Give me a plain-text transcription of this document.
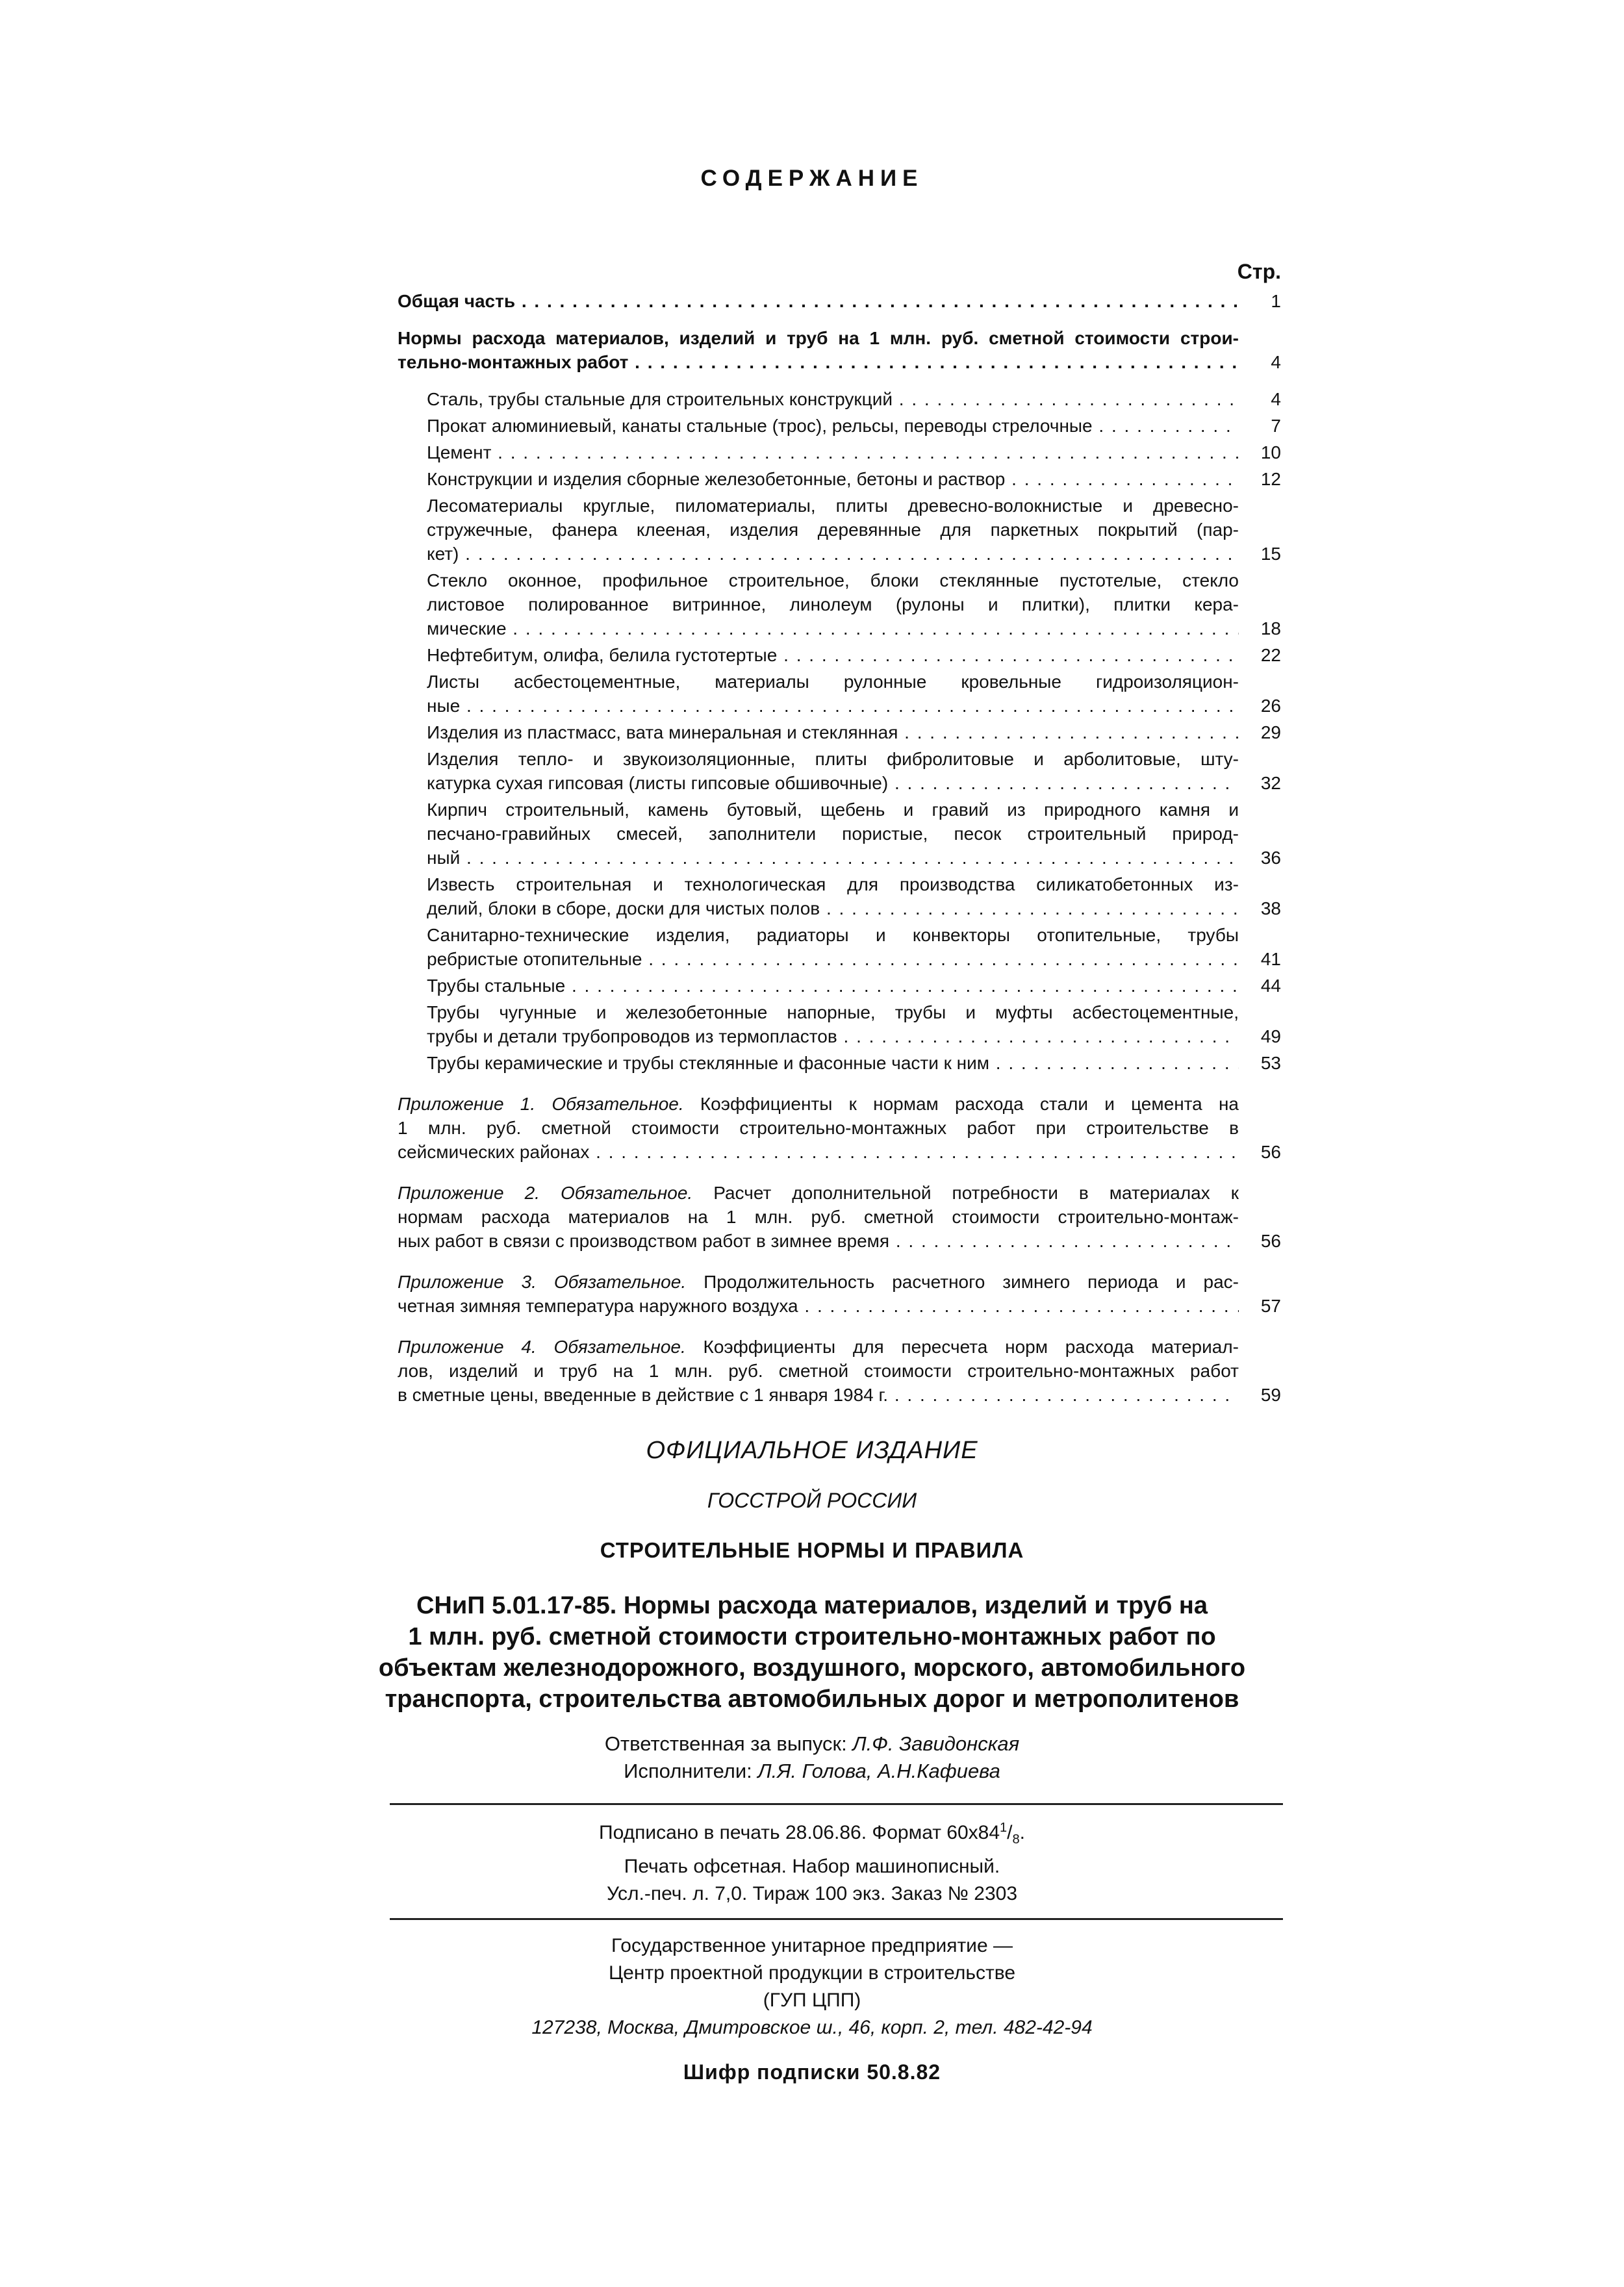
СОДЕРЖАНИЕ
Стр.
Общая часть . . .	1
Нормы расхода материалов, изделий и труб на 1 млн. руб. сметной стоимости строи-
тельно-монтажных работ . . .	4
Сталь, трубы стальные для строительных конструкций . . .	4
Прокат алюминиевый, канаты стальные (трос), рельсы, переводы стрелочные . . .	7
Цемент . . .	10
Конструкции и изделия сборные железобетонные, бетоны и раствор . . .	12
Лесоматериалы круглые, пиломатериалы, плиты древесно-волокнистые и древесно-
стружечные, фанера клееная, изделия деревянные для паркетных покрытий (пар-
кет) . . .	15
Стекло оконное, профильное строительное, блоки стеклянные пустотелые, стекло
листовое полированное витринное, линолеум (рулоны и плитки), плитки кера-
мические . . .	18
Нефтебитум, олифа, белила густотертые . . .	22
Листы асбестоцементные, материалы рулонные кровельные гидроизоляцион-
ные . . .	26
Изделия из пластмасс, вата минеральная и стеклянная . . .	29
Изделия тепло- и звукоизоляционные, плиты фибролитовые и арболитовые, шту-
катурка сухая гипсовая (листы гипсовые обшивочные) . . .	32
Кирпич строительный, камень бутовый, щебень и гравий из природного камня и
песчано-гравийных смесей, заполнители пористые, песок строительный природ-
ный . . .	36
Известь строительная и технологическая для производства силикатобетонных из-
делий, блоки в сборе, доски для чистых полов . . .	38
Санитарно-технические изделия, радиаторы и конвекторы отопительные, трубы
ребристые отопительные . . .	41
Трубы стальные . . .	44
Трубы чугунные и железобетонные напорные, трубы и муфты асбестоцементные,
трубы и детали трубопроводов из термопластов . . .	49
Трубы керамические и трубы стеклянные и фасонные части к ним . . .	53
Приложение 1. Обязательное. Коэффициенты к нормам расхода стали и цемента на
1 млн. руб. сметной стоимости строительно-монтажных работ при строительстве в
сейсмических районах . . .	56
Приложение 2. Обязательное. Расчет дополнительной потребности в материалах к
нормам расхода материалов на 1 млн. руб. сметной стоимости строительно-монтаж-
ных работ в связи с производством работ в зимнее время . . .	56
Приложение 3. Обязательное. Продолжительность расчетного зимнего периода и рас-
четная зимняя температура наружного воздуха . . .	57
Приложение 4. Обязательное. Коэффициенты для пересчета норм расхода материал-
лов, изделий и труб на 1 млн. руб. сметной стоимости строительно-монтажных работ
в сметные цены, введенные в действие с 1 января 1984 г. . . .	59
ОФИЦИАЛЬНОЕ ИЗДАНИЕ
ГОССТРОЙ РОССИИ
СТРОИТЕЛЬНЫЕ НОРМЫ И ПРАВИЛА
СНиП 5.01.17-85. Нормы расхода материалов, изделий и труб на
1 млн. руб. сметной стоимости строительно-монтажных работ по
объектам железнодорожного, воздушного, морского, автомобильного
транспорта, строительства автомобильных дорог и метрополитенов
Ответственная за выпуск: Л.Ф. Завидонская
Исполнители: Л.Я. Голова, А.Н.Кафиева
Подписано в печать 28.06.86. Формат $60x84^1/_8$.
Печать офсетная. Набор машинописный.
Усл.-печ. л. 7,0. Тираж 100 экз. Заказ № 2303
Государственное унитарное предприятие —
Центр проектной продукции в строительстве
(ГУП ЦПП)
127238, Москва, Дмитровское ш., 46, корп. 2, тел. 482-42-94
Шифр подписки 50.8.82
